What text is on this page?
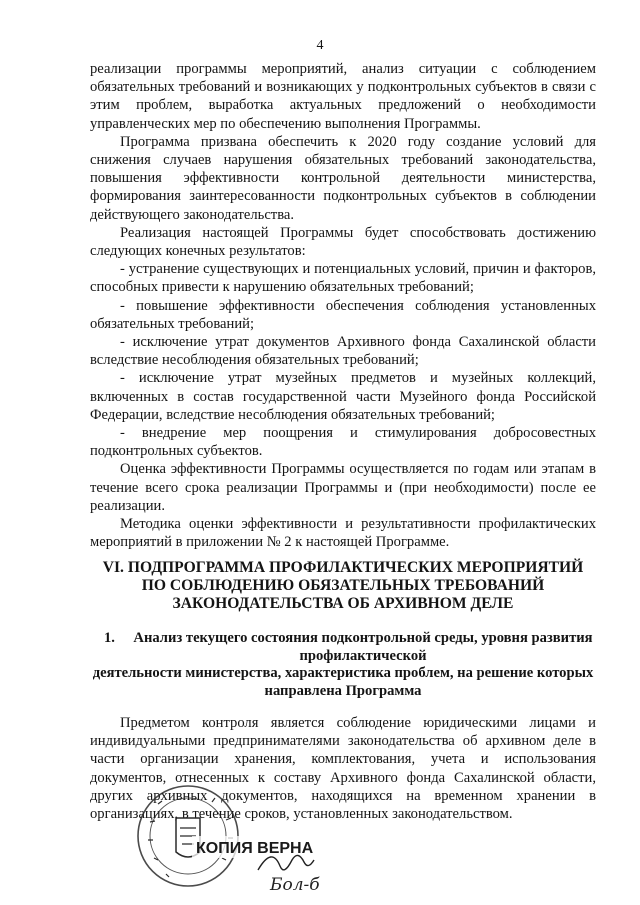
4

реализации программы мероприятий, анализ ситуации с соблюдением обязательных требований и возникающих у подконтрольных субъектов в связи с этим проблем, выработка актуальных предложений о необходимости управленческих мер по обеспечению выполнения Программы.

Программа призвана обеспечить к 2020 году создание условий для снижения случаев нарушения обязательных требований законодательства, повышения эффективности контрольной деятельности министерства, формирования заинтересованности подконтрольных субъектов в соблюдении действующего законодательства.

Реализация настоящей Программы будет способствовать достижению следующих конечных результатов:

- устранение существующих и потенциальных условий, причин и факторов, способных привести к нарушению обязательных требований;

- повышение эффективности обеспечения соблюдения установленных обязательных требований;

- исключение утрат документов Архивного фонда Сахалинской области вследствие несоблюдения обязательных требований;

- исключение утрат музейных предметов и музейных коллекций, включенных в состав государственной части Музейного фонда Российской Федерации, вследствие несоблюдения обязательных требований;

- внедрение мер поощрения и стимулирования добросовестных подконтрольных субъектов.

Оценка эффективности Программы осуществляется по годам или этапам в течение всего срока реализации Программы и (при необходимости) после ее реализации.

Методика оценки эффективности и результативности профилактических мероприятий в приложении № 2 к настоящей Программе.

VI. ПОДПРОГРАММА ПРОФИЛАКТИЧЕСКИХ МЕРОПРИЯТИЙ ПО СОБЛЮДЕНИЮ ОБЯЗАТЕЛЬНЫХ ТРЕБОВАНИЙ ЗАКОНОДАТЕЛЬСТВА ОБ АРХИВНОМ ДЕЛЕ
1.	Анализ текущего состояния подконтрольной среды, уровня развития профилактической
деятельности министерства, характеристика проблем, на решение которых направлена Программа

Предметом контроля является соблюдение юридическими лицами и индивидуальными предпринимателями законодательства об архивном деле в части организации хранения, комплектования, учета и использования документов, отнесенных к составу Архивного фонда Сахалинской области, других архивных документов, находящихся на временном хранении в организациях, в течение сроков, установленных законодательством.

КОПИЯ ВЕРНА
Бол-б
